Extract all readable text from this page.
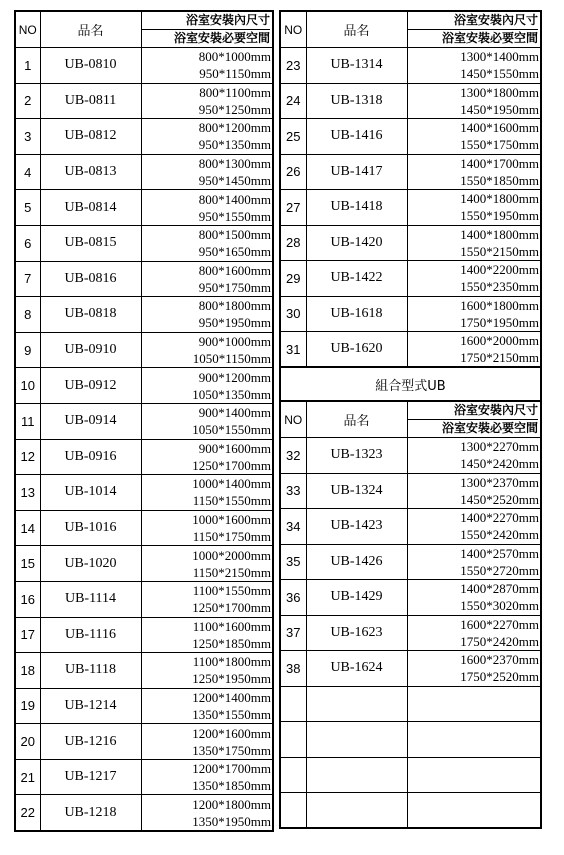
NO	品名	浴室安裝內尺寸
浴室安裝必要空間

1	UB-0810	800*1000mm
950*1150mm

2	UB-0811	800*1100mm
950*1250mm

3	UB-0812	800*1200mm
950*1350mm

4	UB-0813	800*1300mm
950*1450mm

5	UB-0814	800*1400mm
950*1550mm

6	UB-0815	800*1500mm
950*1650mm

7	UB-0816	800*1600mm
950*1750mm

8	UB-0818	800*1800mm
950*1950mm

9	UB-0910	900*1000mm
1050*1150mm

10	UB-0912	900*1200mm
1050*1350mm

11	UB-0914	900*1400mm
1050*1550mm

12	UB-0916	900*1600mm
1250*1700mm

13	UB-1014	1000*1400mm
1150*1550mm

14	UB-1016	1000*1600mm
1150*1750mm

15	UB-1020	1000*2000mm
1150*2150mm

16	UB-1114	1100*1550mm
1250*1700mm

17	UB-1116	1100*1600mm
1250*1850mm

18	UB-1118	1100*1800mm
1250*1950mm

19	UB-1214	1200*1400mm
1350*1550mm

20	UB-1216	1200*1600mm
1350*1750mm

21	UB-1217	1200*1700mm
1350*1850mm

22	UB-1218	1200*1800mm
1350*1950mm
NO	品名	浴室安裝內尺寸
浴室安裝必要空間

23	UB-1314	1300*1400mm
1450*1550mm

24	UB-1318	1300*1800mm
1450*1950mm

25	UB-1416	1400*1600mm
1550*1750mm

26	UB-1417	1400*1700mm
1550*1850mm

27	UB-1418	1400*1800mm
1550*1950mm

28	UB-1420	1400*1800mm
1550*2150mm

29	UB-1422	1400*2200mm
1550*2350mm

30	UB-1618	1600*1800mm
1750*1950mm

31	UB-1620	1600*2000mm
1750*2150mm

組合型式UB		
NO	品名	浴室安裝內尺寸
浴室安裝必要空間

32	UB-1323	1300*2270mm
1450*2420mm

33	UB-1324	1300*2370mm
1450*2520mm

34	UB-1423	1400*2270mm
1550*2420mm

35	UB-1426	1400*2570mm
1550*2720mm

36	UB-1429	1400*2870mm
1550*3020mm

37	UB-1623	1600*2270mm
1750*2420mm

38	UB-1624	1600*2370mm
1750*2520mm
